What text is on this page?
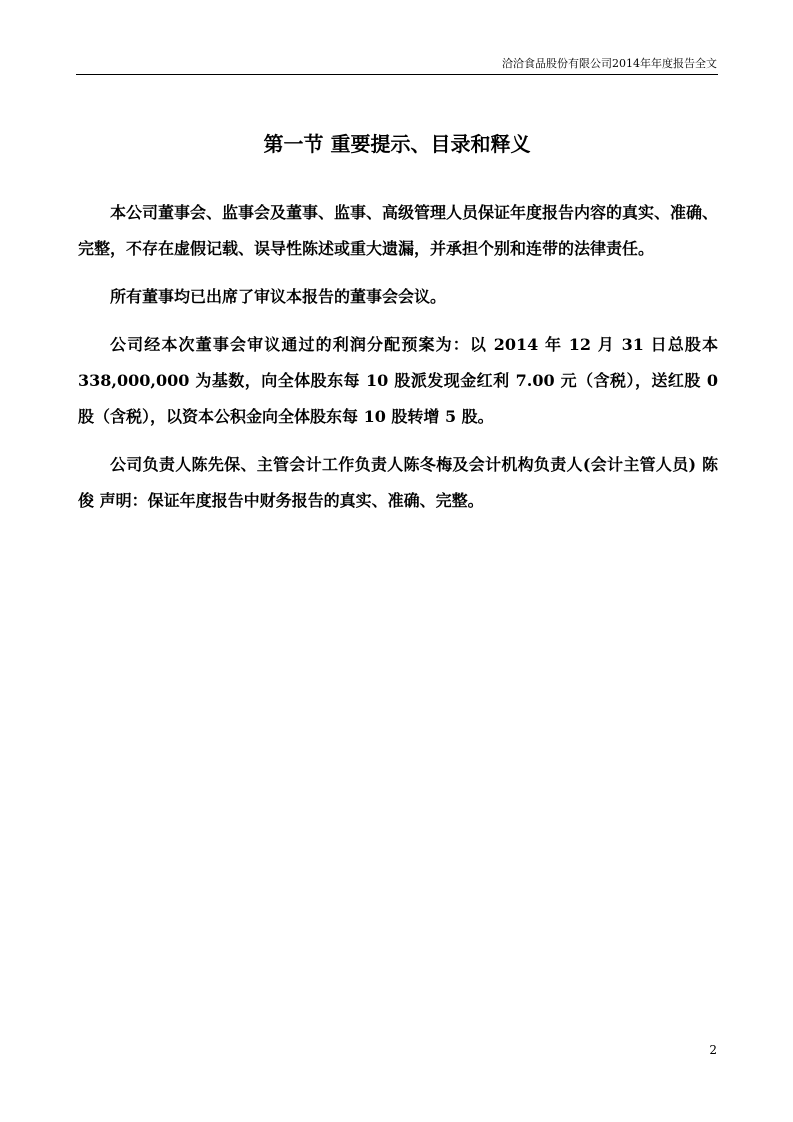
洽洽食品股份有限公司2014年年度报告全文
第一节 重要提示、目录和释义

本公司董事会、监事会及董事、监事、高级管理人员保证年度报告内容的真实、准确、完整，不存在虚假记载、误导性陈述或重大遗漏，并承担个别和连带的法律责任。

所有董事均已出席了审议本报告的董事会会议。

公司经本次董事会审议通过的利润分配预案为：以 2014 年 12 月 31 日总股本 338,000,000 为基数，向全体股东每 10 股派发现金红利 7.00 元（含税），送红股 0 股（含税），以资本公积金向全体股东每 10 股转增 5 股。

公司负责人陈先保、主管会计工作负责人陈冬梅及会计机构负责人(会计主管人员) 陈俊 声明：保证年度报告中财务报告的真实、准确、完整。

2
